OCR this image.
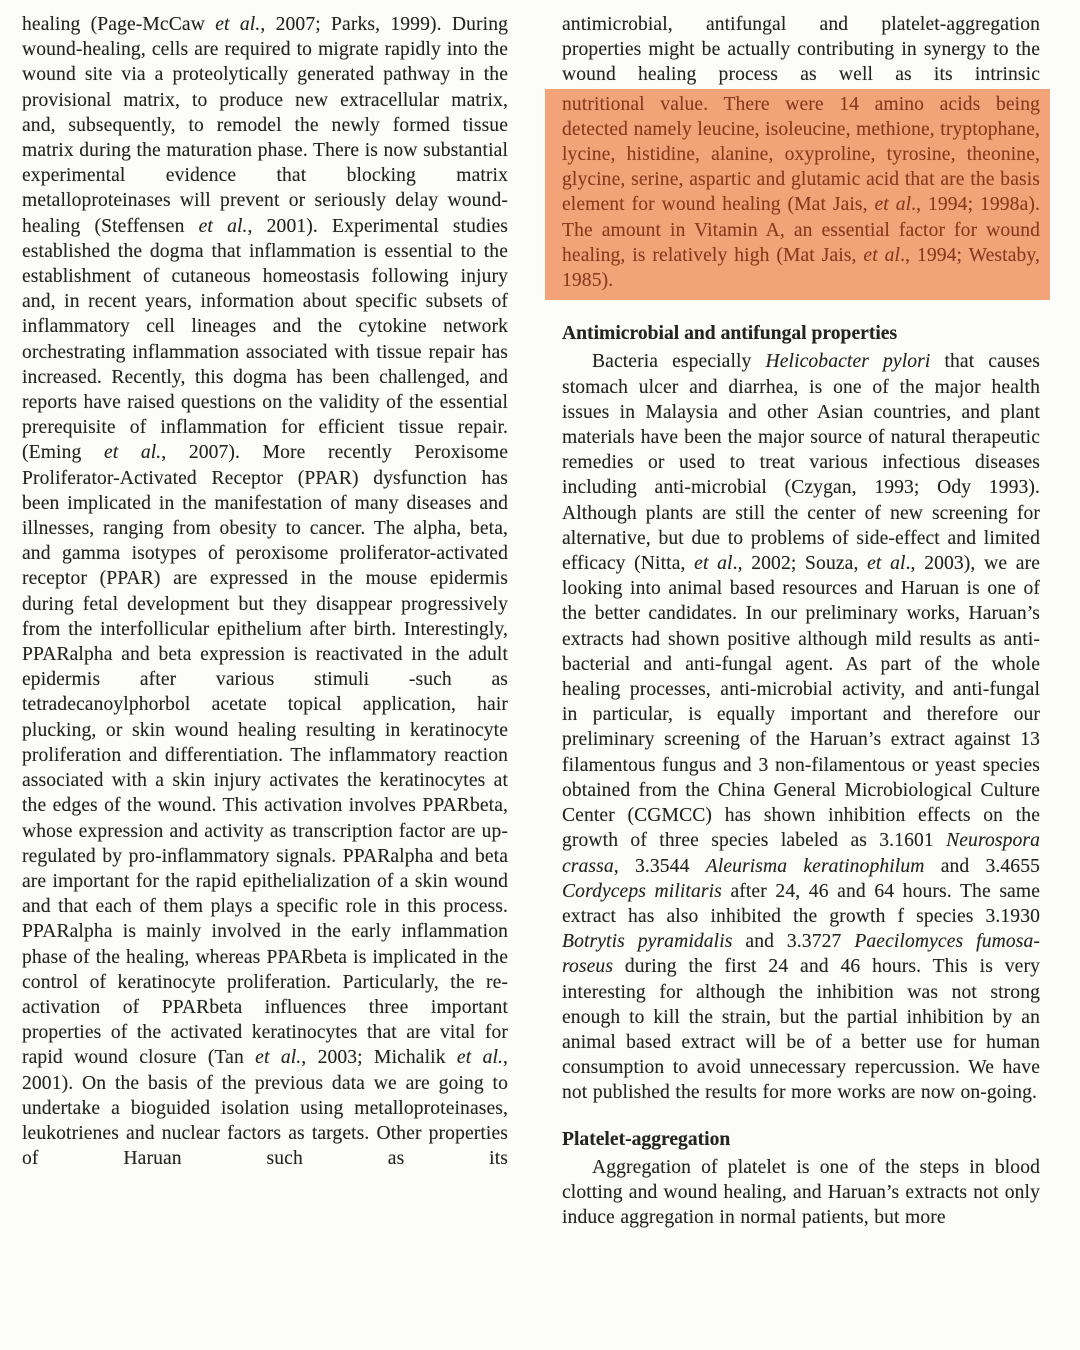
healing (Page-McCaw et al., 2007; Parks, 1999). During wound-healing, cells are required to migrate rapidly into the wound site via a proteolytically generated pathway in the provisional matrix, to produce new extracellular matrix, and, subsequently, to remodel the newly formed tissue matrix during the maturation phase. There is now substantial experimental evidence that blocking matrix metalloproteinases will prevent or seriously delay wound-healing (Steffensen et al., 2001). Experimental studies established the dogma that inflammation is essential to the establishment of cutaneous homeostasis following injury and, in recent years, information about specific subsets of inflammatory cell lineages and the cytokine network orchestrating inflammation associated with tissue repair has increased. Recently, this dogma has been challenged, and reports have raised questions on the validity of the essential prerequisite of inflammation for efficient tissue repair. (Eming et al., 2007). More recently Peroxisome Proliferator-Activated Receptor (PPAR) dysfunction has been implicated in the manifestation of many diseases and illnesses, ranging from obesity to cancer. The alpha, beta, and gamma isotypes of peroxisome proliferator-activated receptor (PPAR) are expressed in the mouse epidermis during fetal development but they disappear progressively from the interfollicular epithelium after birth. Interestingly, PPARalpha and beta expression is reactivated in the adult epidermis after various stimuli -such as tetradecanoylphorbol acetate topical application, hair plucking, or skin wound healing resulting in keratinocyte proliferation and differentiation. The inflammatory reaction associated with a skin injury activates the keratinocytes at the edges of the wound. This activation involves PPARbeta, whose expression and activity as transcription factor are up-regulated by pro-inflammatory signals. PPARalpha and beta are important for the rapid epithelialization of a skin wound and that each of them plays a specific role in this process. PPARalpha is mainly involved in the early inflammation phase of the healing, whereas PPARbeta is implicated in the control of keratinocyte proliferation. Particularly, the re-activation of PPARbeta influences three important properties of the activated keratinocytes that are vital for rapid wound closure (Tan et al., 2003; Michalik et al., 2001). On the basis of the previous data we are going to undertake a bioguided isolation using metalloproteinases, leukotrienes and nuclear factors as targets. Other properties of Haruan such as its

antimicrobial, antifungal and platelet-aggregation properties might be actually contributing in synergy to the wound healing process as well as its intrinsic

nutritional value. There were 14 amino acids being detected namely leucine, isoleucine, methione, tryptophane, lycine, histidine, alanine, oxyproline, tyrosine, theonine, glycine, serine, aspartic and glutamic acid that are the basis element for wound healing (Mat Jais, et al., 1994; 1998a). The amount in Vitamin A, an essential factor for wound healing, is relatively high (Mat Jais, et al., 1994; Westaby, 1985).

Antimicrobial and antifungal properties

Bacteria especially Helicobacter pylori that causes stomach ulcer and diarrhea, is one of the major health issues in Malaysia and other Asian countries, and plant materials have been the major source of natural therapeutic remedies or used to treat various infectious diseases including anti-microbial (Czygan, 1993; Ody 1993). Although plants are still the center of new screening for alternative, but due to problems of side-effect and limited efficacy (Nitta, et al., 2002; Souza, et al., 2003), we are looking into animal based resources and Haruan is one of the better candidates. In our preliminary works, Haruan’s extracts had shown positive although mild results as anti-bacterial and anti-fungal agent. As part of the whole healing processes, anti-microbial activity, and anti-fungal in particular, is equally important and therefore our preliminary screening of the Haruan’s extract against 13 filamentous fungus and 3 non-filamentous or yeast species obtained from the China General Microbiological Culture Center (CGMCC) has shown inhibition effects on the growth of three species labeled as 3.1601 Neurospora crassa, 3.3544 Aleurisma keratinophilum and 3.4655 Cordyceps militaris after 24, 46 and 64 hours. The same extract has also inhibited the growth f species 3.1930 Botrytis pyramidalis and 3.3727 Paecilomyces fumosa-roseus during the first 24 and 46 hours. This is very interesting for although the inhibition was not strong enough to kill the strain, but the partial inhibition by an animal based extract will be of a better use for human consumption to avoid unnecessary repercussion. We have not published the results for more works are now on-going.

Platelet-aggregation

Aggregation of platelet is one of the steps in blood clotting and wound healing, and Haruan’s extracts not only induce aggregation in normal patients, but more
